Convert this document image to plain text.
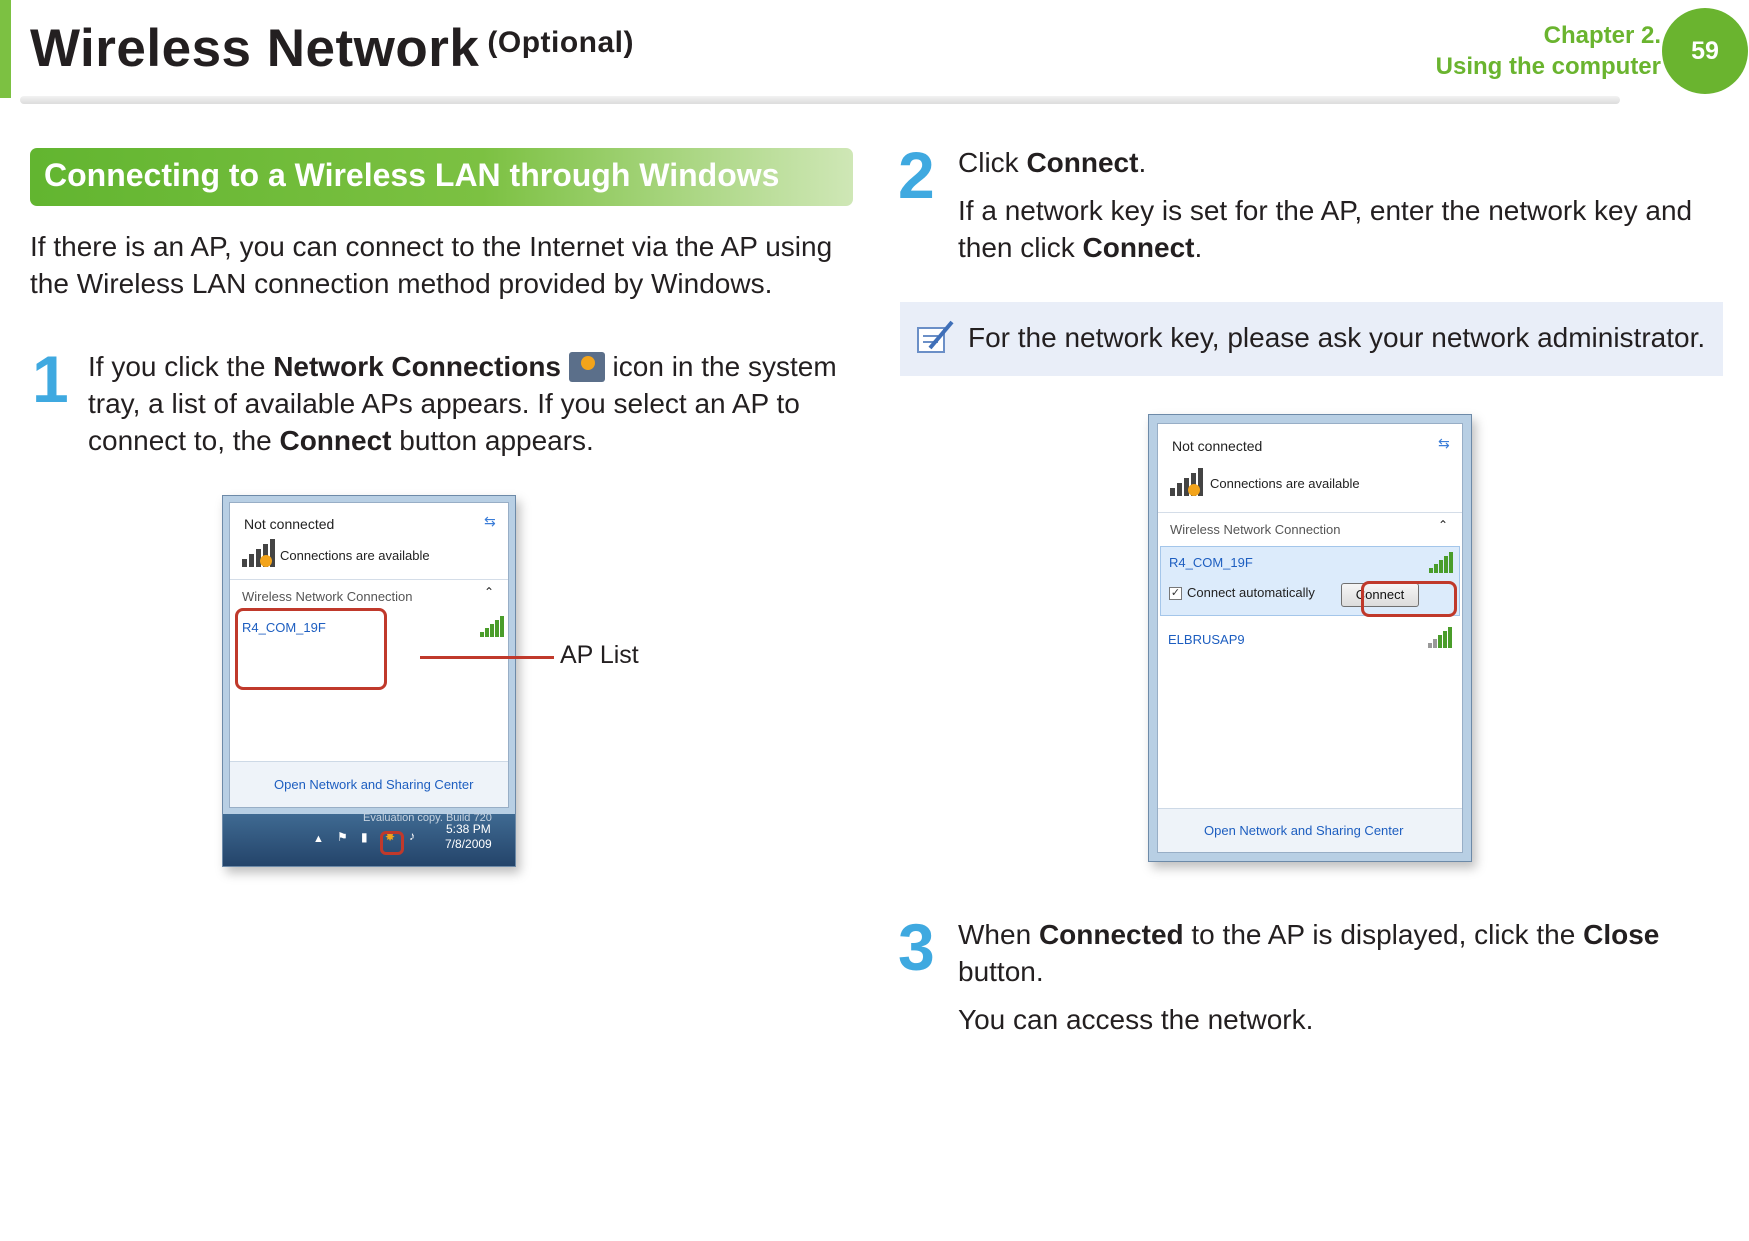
Wireless Network $^{(Optional)}$	Chapter 2.
Using the computer
59
Connecting to a Wireless LAN through Windows
If there is an AP, you can connect to the Internet via the AP using
the Wireless LAN connection method provided by Windows.
1 If you click the Network Connections  icon in the system
tray, a list of available APs appears. If you select an AP to
connect to, the Connect button appears.
Not connected	⇆
Connections are available
Wireless Network Connection	⌃
R4_COM_19F
Open Network and Sharing Center
Evaluation copy. Build 720
▲ ⚑ ▮ ✸ ♪	5:38 PM
7/8/2009
AP List
2 Click Connect.
If a network key is set for the AP, enter the network key and
then click Connect.
For the network key, please ask your network administrator.
Not connected	⇆
Connections are available
Wireless Network Connection	⌃
R4_COM_19F
✓ Connect automatically	Connect
ELBRUSAP9
Open Network and Sharing Center
3 When Connected to the AP is displayed, click the Close
button.
You can access the network.
